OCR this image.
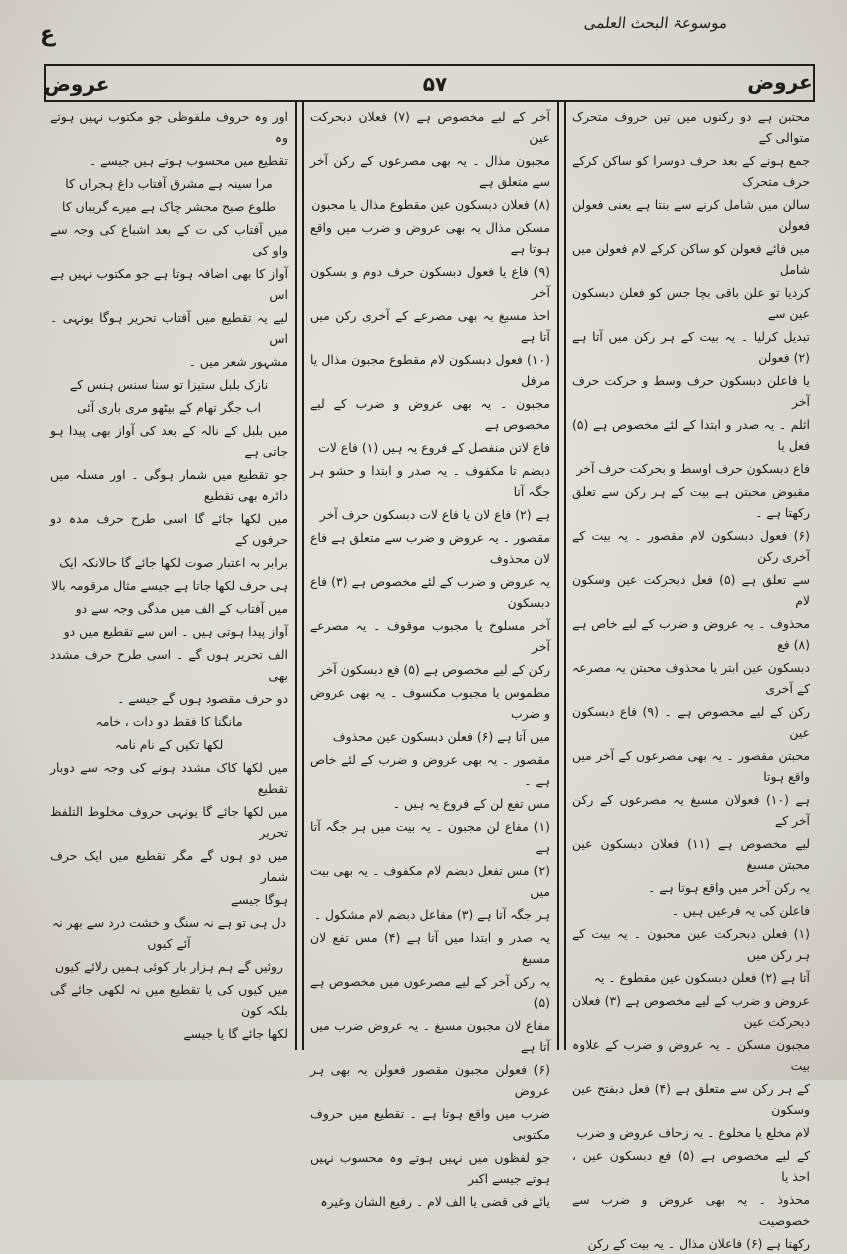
ع	موسوعۃ البحث العلمی
عروض	۵۷	عروض

محتبن ہے دو رکنوں میں تین حروف متحرک متوالی کے

جمع ہونے کے بعد حرف دوسرا کو ساکن کرکے حرف متحرک

سالن میں شامل کرنے سے بنتا ہے یعنی فعولن فعولن

میں فائے فعولن کو ساکن کرکے لام فعولن میں شامل

کردیا تو علن باقی بچا جس کو فعلن دبسکون عین سے

تبدیل کرلیا ۔ یہ بیت کے ہر رکن میں آتا ہے (۲) فعولن

یا فاعلن دبسکون حرف وسط و حرکت حرف آخر

اثلم ۔ یہ صدر و ابتدا کے لئے مخصوص ہے (۵) فعل یا

فاع دبسکون حرف اوسط و بحرکت حرف آخر

مقبوض محبتن ہے بیت کے ہر رکن سے تعلق رکھتا ہے ۔

(۶) فعول دبسکون لام مقصور ۔ یہ بیت کے آخری رکن

سے تعلق ہے (۵) فعل دبحرکت عین وسکون لام

محذوف ۔ یہ عروض و ضرب کے لیے خاص ہے (۸) فع

دبسکون عین ابتر یا محذوف محبتن یہ مصرعہ کے آخری

رکن کے لیے مخصوص ہے ۔ (۹) فاع دبسکون عین

محبتن مقصور ۔ یہ بھی مصرعوں کے آخر میں واقع ہوتا

ہے (۱۰) فعولان مسبغ یہ مصرعوں کے رکن آخر کے

لیے مخصوص ہے (۱۱) فعلان دبسکون عین محبتن مسبغ

یہ رکن آخر میں واقع ہوتا ہے ۔

فاعلن کی یہ فرعیں ہیں ۔

(۱) فعلن دبحرکت عین محبون ۔ یہ بیت کے ہر رکن میں

آتا ہے (۲) فعلن دبسکون عین مقطوع ۔ یہ

عروض و ضرب کے لیے مخصوص ہے (۳) فعلان دبحرکت عین

مجبون مسکن ۔ یہ عروض و ضرب کے علاوہ بیت

کے ہر رکن سے متعلق ہے (۴) فعل دبفتح عین وسکون

لام مخلع یا مخلوع ۔ یہ زحاف عروض و ضرب

کے لیے مخصوص ہے (۵) فع دبسکون عین ، احذ یا

محذوذ ۔ یہ بھی عروض و ضرب سے خصوصیت

رکھتا ہے (۶) فاعلان مذال ۔ یہ بیت کے رکن

آخر کے لیے مخصوص ہے (۷) فعلان دبحرکت عین

مجبون مذال ۔ یہ بھی مصرعوں کے رکن آخر سے متعلق ہے

(۸) فعلان دبسکون عین مقطوع مذال یا مجبون

مسکن مذال یہ بھی عروض و ضرب میں واقع ہوتا ہے

(۹) فاع یا فعول دبسکون حرف دوم و بسکون آخر

احذ مسبغ یہ بھی مصرعے کے آخری رکن میں آتا ہے

(۱۰) فعول دبسکون لام مقطوع مجبون مذال یا مرفل

مجبون ۔ یہ بھی عروض و ضرب کے لیے مخصوص ہے

فاع لاتن منفصل کے فروع یہ ہیں (۱) فاع لات

دبضم تا مکفوف ۔ یہ صدر و ابتدا و حشو ہر جگہ آتا

ہے (۲) فاع لان یا فاع لات دبسکون حرف آخر

مقصور ۔ یہ عروض و ضرب سے متعلق ہے فاع لان محذوف

یہ عروض و ضرب کے لئے مخصوص ہے (۳) فاع دبسکون

آخر مسلوخ یا مجبوب موقوف ۔ یہ مصرعے آخر

رکن کے لیے مخصوص ہے (۵) فع دبسکون آخر

مطموس یا مجبوب مکسوف ۔ یہ بھی عروض و ضرب

میں آتا ہے (۶) فعلن دبسکون عین محذوف

مقصور ۔ یہ بھی عروض و ضرب کے لئے خاص ہے ۔

مس تفع لن کے فروع یہ ہیں ۔

(۱) مفاع لن مجبون ۔ یہ بیت میں ہر جگہ آتا ہے

(۲) مس تفعل دبضم لام مکفوف ۔ یہ بھی بیت میں

ہر جگہ آتا ہے (۳) مفاعل دبضم لام مشکول ۔

یہ صدر و ابتدا میں آتا ہے (۴) مس تفع لان مسبغ

یہ رکن آخر کے لیے مصرعوں میں مخصوص ہے (۵)

مفاع لان مجبون مسبغ ۔ یہ عروض ضرب میں آتا ہے

(۶) فعولن مجبون مقصور فعولن یہ بھی ہر عروض

ضرب میں واقع ہوتا ہے ۔ تقطیع میں حروف مکتوبی

جو لفظوں میں نہیں ہوتے وہ محسوب نہیں ہوتے جیسے اکبر

یائے فی قضی یا الف لام ۔ رفیع الشان وغیرہ

اور وہ حروف ملفوظی جو مکتوب نہیں ہوتے وہ

تقطیع میں محسوب ہوتے ہیں جیسے ۔

مرا سینہ ہے مشرق آفتاب داغ ہجراں کا

طلوع صبح محشر چاک ہے میرے گریباں کا

میں آفتاب کی ت کے بعد اشباع کی وجہ سے واو کی

آواز کا بھی اضافہ ہوتا ہے جو مکتوب نہیں ہے اس

لیے یہ تقطیع میں آفتاب تحریر ہوگا یونہی ۔ اس

مشہور شعر میں ۔

نازک بلبل ستیزا تو سنا سنس ہنس کے

اب جگر تھام کے بیٹھو مری باری آئی

میں بلبل کے نالہ کے بعد کی آواز بھی پیدا ہو جاتی ہے

جو تقطیع میں شمار ہوگی ۔ اور مسلہ میں دائرہ بھی تقطیع

میں لکھا جائے گا اسی طرح حرف مدہ دو حرفوں کے

برابر بہ اعتبار صوت لکھا جائے گا حالانکہ ایک

ہی حرف لکھا جاتا ہے جیسے مثال مرقومہ بالا

میں آفتاب کے الف میں مدگی وجہ سے دو

آواز پیدا ہوتی ہیں ۔ اس سے تقطیع میں دو

الف تحریر ہوں گے ۔ اسی طرح حرف مشدد بھی

دو حرف مقصود ہوں گے جیسے ۔

مانگنا کا فقط دو دات ، خامہ

لکھا تکیں کے نام نامہ

میں لکھا کاک مشدد ہونے کی وجہ سے دوبار تقطیع

میں لکھا جائے گا یونہی حروف مخلوط التلفظ تحریر

میں دو ہوں گے مگر تقطیع میں ایک حرف شمار

ہوگا جیسے

دل ہی تو ہے نہ سنگ و خشت درد سے بھر نہ آئے کیوں

روئیں گے ہم ہزار بار کوئی ہمیں رلائے کیوں

میں کیوں کی یا تقطیع میں نہ لکھی جائے گی بلکہ کون

لکھا جائے گا یا جیسے
